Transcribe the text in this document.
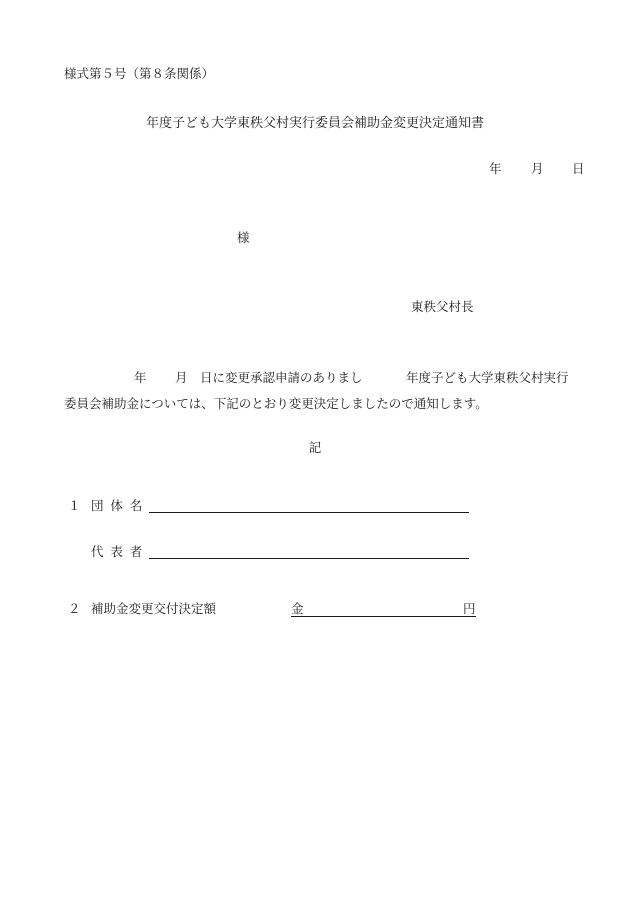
様式第５号（第８条関係）
年度子ども大学東秩父村実行委員会補助金変更決定通知書
年 月 日
様
東秩父村長
年 月　日に変更承認申請のありまし	年度子ども大学東秩父村実行
委員会補助金については、下記のとおり変更決定しましたので通知します。
記
１ 団体名
代表者
２ 補助金変更交付決定額	金	円
